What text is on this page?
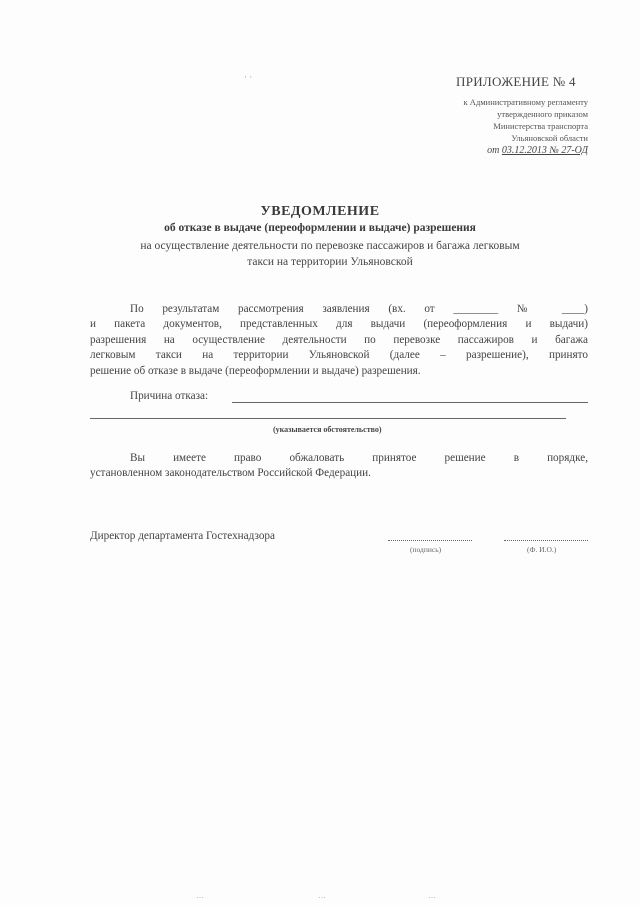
· ·	ПРИЛОЖЕНИЕ № 4
к Административному регламенту
утвержденного приказом
Министерства транспорта
Ульяновской области
от 03.12.2013 № 27-ОД
УВЕДОМЛЕНИЕ
об отказе в выдаче (переоформлении и выдаче) разрешения
на осуществление деятельности по перевозке пассажиров и багажа легковым
такси на территории Ульяновской
По результатам рассмотрения заявления (вх. от ________ № ____)
и пакета документов, представленных для выдачи (переоформления и выдачи)
разрешения на осуществление деятельности по перевозке пассажиров и багажа
легковым такси на территории Ульяновской (далее – разрешение), принято
решение об отказе в выдаче (переоформлении и выдаче) разрешения.
Причина отказа:
(указывается обстоятельство)
Вы имеете право обжаловать принятое решение в порядке,
установленном законодательством Российской Федерации.
Директор департамента Гостехнадзора
(подпись)	(Ф. И.О.)
…	…	…
